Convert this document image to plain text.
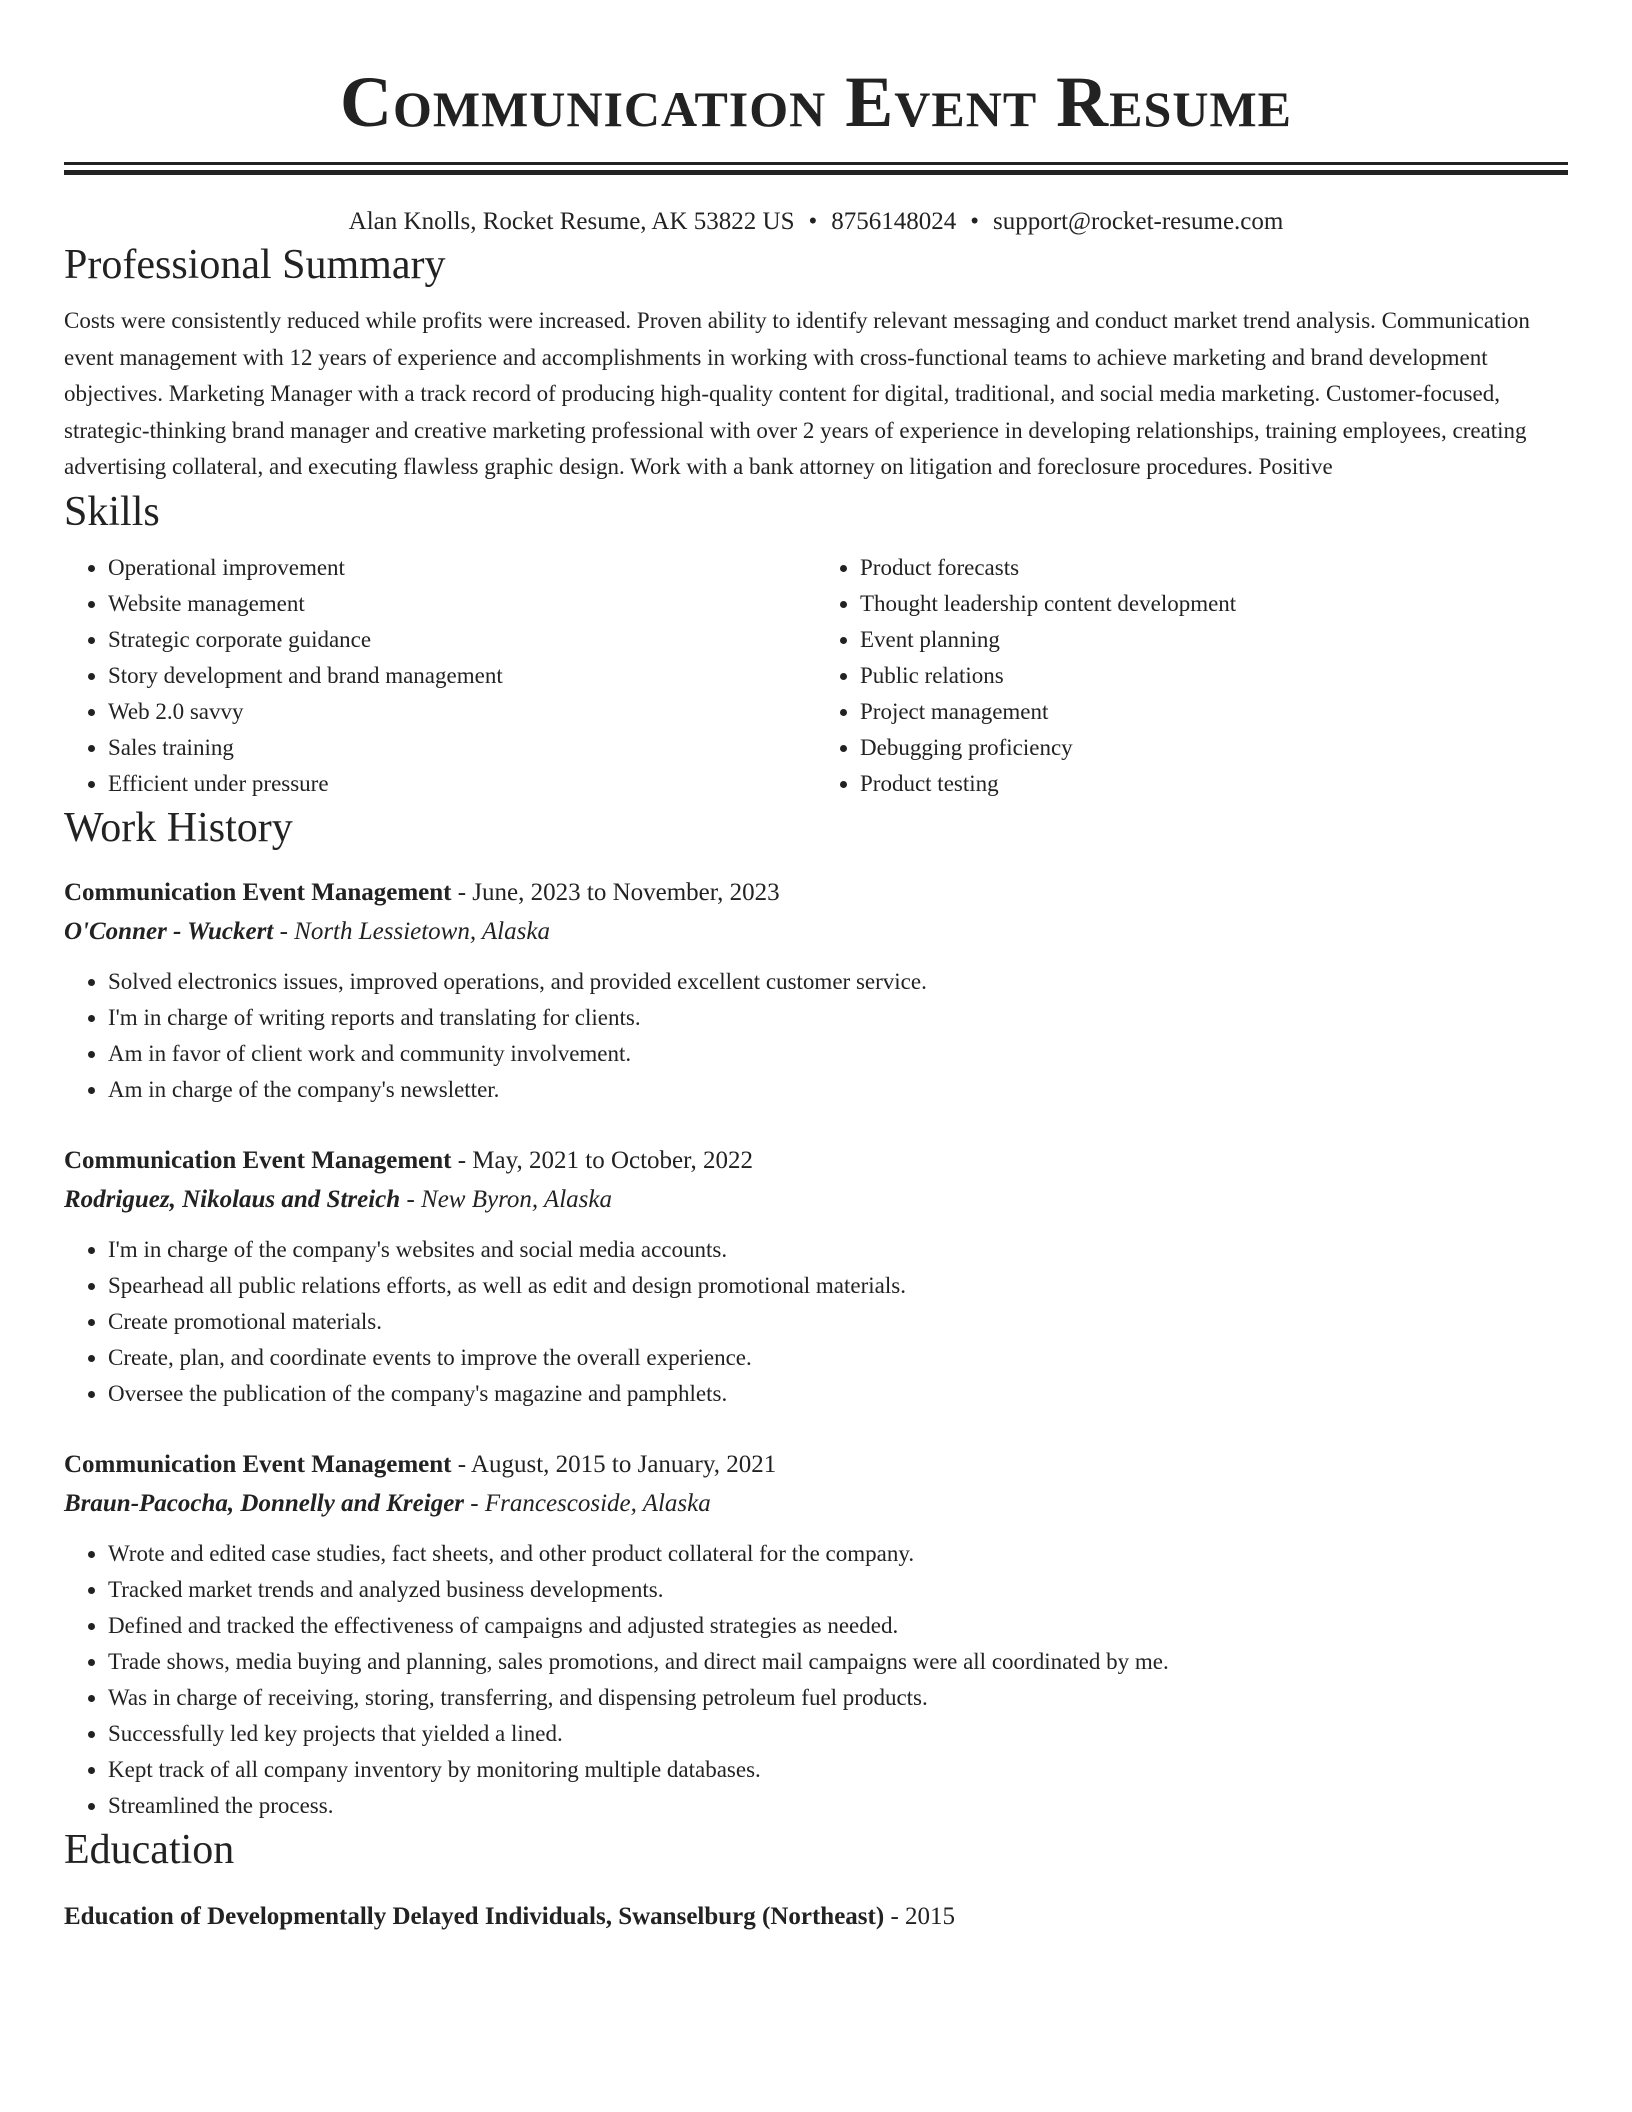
Communication Event Resume
Alan Knolls, Rocket Resume, AK 53822 US • 8756148024 • support@rocket-resume.com
Professional Summary

Costs were consistently reduced while profits were increased. Proven ability to identify relevant messaging and conduct market trend analysis. Communication event management with 12 years of experience and accomplishments in working with cross-functional teams to achieve marketing and brand development objectives. Marketing Manager with a track record of producing high-quality content for digital, traditional, and social media marketing. Customer-focused, strategic-thinking brand manager and creative marketing professional with over 2 years of experience in developing relationships, training employees, creating advertising collateral, and executing flawless graphic design. Work with a bank attorney on litigation and foreclosure procedures. Positive

Skills
• Operational improvement
• Website management
• Strategic corporate guidance
• Story development and brand management
• Web 2.0 savvy
• Sales training
• Efficient under pressure
• Product forecasts
• Thought leadership content development
• Event planning
• Public relations
• Project management
• Debugging proficiency
• Product testing
Work History
Communication Event Management - June, 2023 to November, 2023
O'Conner - Wuckert - North Lessietown, Alaska
• Solved electronics issues, improved operations, and provided excellent customer service.
• I'm in charge of writing reports and translating for clients.
• Am in favor of client work and community involvement.
• Am in charge of the company's newsletter.
Communication Event Management - May, 2021 to October, 2022
Rodriguez, Nikolaus and Streich - New Byron, Alaska
• I'm in charge of the company's websites and social media accounts.
• Spearhead all public relations efforts, as well as edit and design promotional materials.
• Create promotional materials.
• Create, plan, and coordinate events to improve the overall experience.
• Oversee the publication of the company's magazine and pamphlets.
Communication Event Management - August, 2015 to January, 2021
Braun-Pacocha, Donnelly and Kreiger - Francescoside, Alaska
• Wrote and edited case studies, fact sheets, and other product collateral for the company.
• Tracked market trends and analyzed business developments.
• Defined and tracked the effectiveness of campaigns and adjusted strategies as needed.
• Trade shows, media buying and planning, sales promotions, and direct mail campaigns were all coordinated by me.
• Was in charge of receiving, storing, transferring, and dispensing petroleum fuel products.
• Successfully led key projects that yielded a lined.
• Kept track of all company inventory by monitoring multiple databases.
• Streamlined the process.
Education
Education of Developmentally Delayed Individuals, Swanselburg (Northeast) - 2015
